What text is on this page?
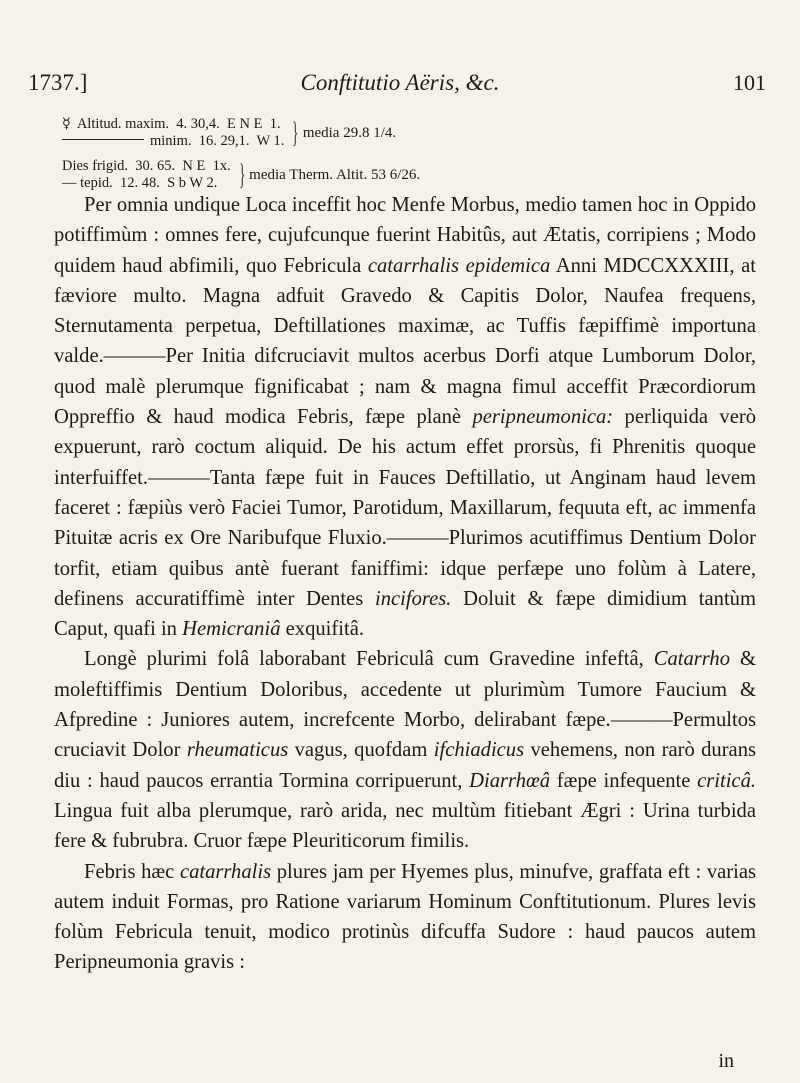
1737.]	Conftitutio Aëris, &c.	101
☿ Altitud. maxim.  4. 30,4.  E N E  1.
minim.  16. 29,1.  W 1. } media 29.8 1/4.
Dies frigid.  30. 65.  N E  1x.
— tepid.  12. 48.  S b W 2. } media Therm. Altit. 53 6/26.

Per omnia undique Loca inceffit hoc Menfe Morbus, medio tamen hoc in Oppido potiffimùm : omnes fere, cujufcunque fuerint Habitûs, aut Ætatis, corripiens ; Modo quidem haud abfimili, quo Febricula catarrhalis epidemica Anni MDCCXXXIII, at fæviore multo. Magna adfuit Gravedo & Capitis Dolor, Naufea frequens, Sternutamenta perpetua, Deftillationes maximæ, ac Tuffis fæpiffimè importuna valde.———Per Initia difcruciavit multos acerbus Dorfi atque Lumborum Dolor, quod malè plerumque fignificabat ; nam & magna fimul acceffit Præcordiorum Oppreffio & haud modica Febris, fæpe planè peripneumonica: perliquida verò expuerunt, rarò coctum aliquid. De his actum effet prorsùs, fi Phrenitis quoque interfuiffet.———Tanta fæpe fuit in Fauces Deftillatio, ut Anginam haud levem faceret : fæpiùs verò Faciei Tumor, Parotidum, Maxillarum, fequuta eft, ac immenfa Pituitæ acris ex Ore Naribufque Fluxio.———Plurimos acutiffimus Dentium Dolor torfit, etiam quibus antè fuerant faniffimi: idque perfæpe uno folùm à Latere, definens accuratiffimè inter Dentes incifores. Doluit & fæpe dimidium tantùm Caput, quafi in Hemicraniâ exquifitâ.

Longè plurimi folâ laborabant Febriculâ cum Gravedine infeftâ, Catarrho & moleftiffimis Dentium Doloribus, accedente ut plurimùm Tumore Faucium & Afpredine : Juniores autem, increfcente Morbo, delirabant fæpe.———Permultos cruciavit Dolor rheumaticus vagus, quofdam ifchiadicus vehemens, non rarò durans diu : haud paucos errantia Tormina corripuerunt, Diarrhœâ fæpe infequente criticâ. Lingua fuit alba plerumque, rarò arida, nec multùm fitiebant Ægri : Urina turbida fere & fubrubra. Cruor fæpe Pleuriticorum fimilis.

Febris hæc catarrhalis plures jam per Hyemes plus, minufve, graffata eft : varias autem induit Formas, pro Ratione variarum Hominum Conftitutionum. Plures levis folùm Febricula tenuit, modico protinùs difcuffa Sudore : haud paucos autem Peripneumonia gravis :

in
